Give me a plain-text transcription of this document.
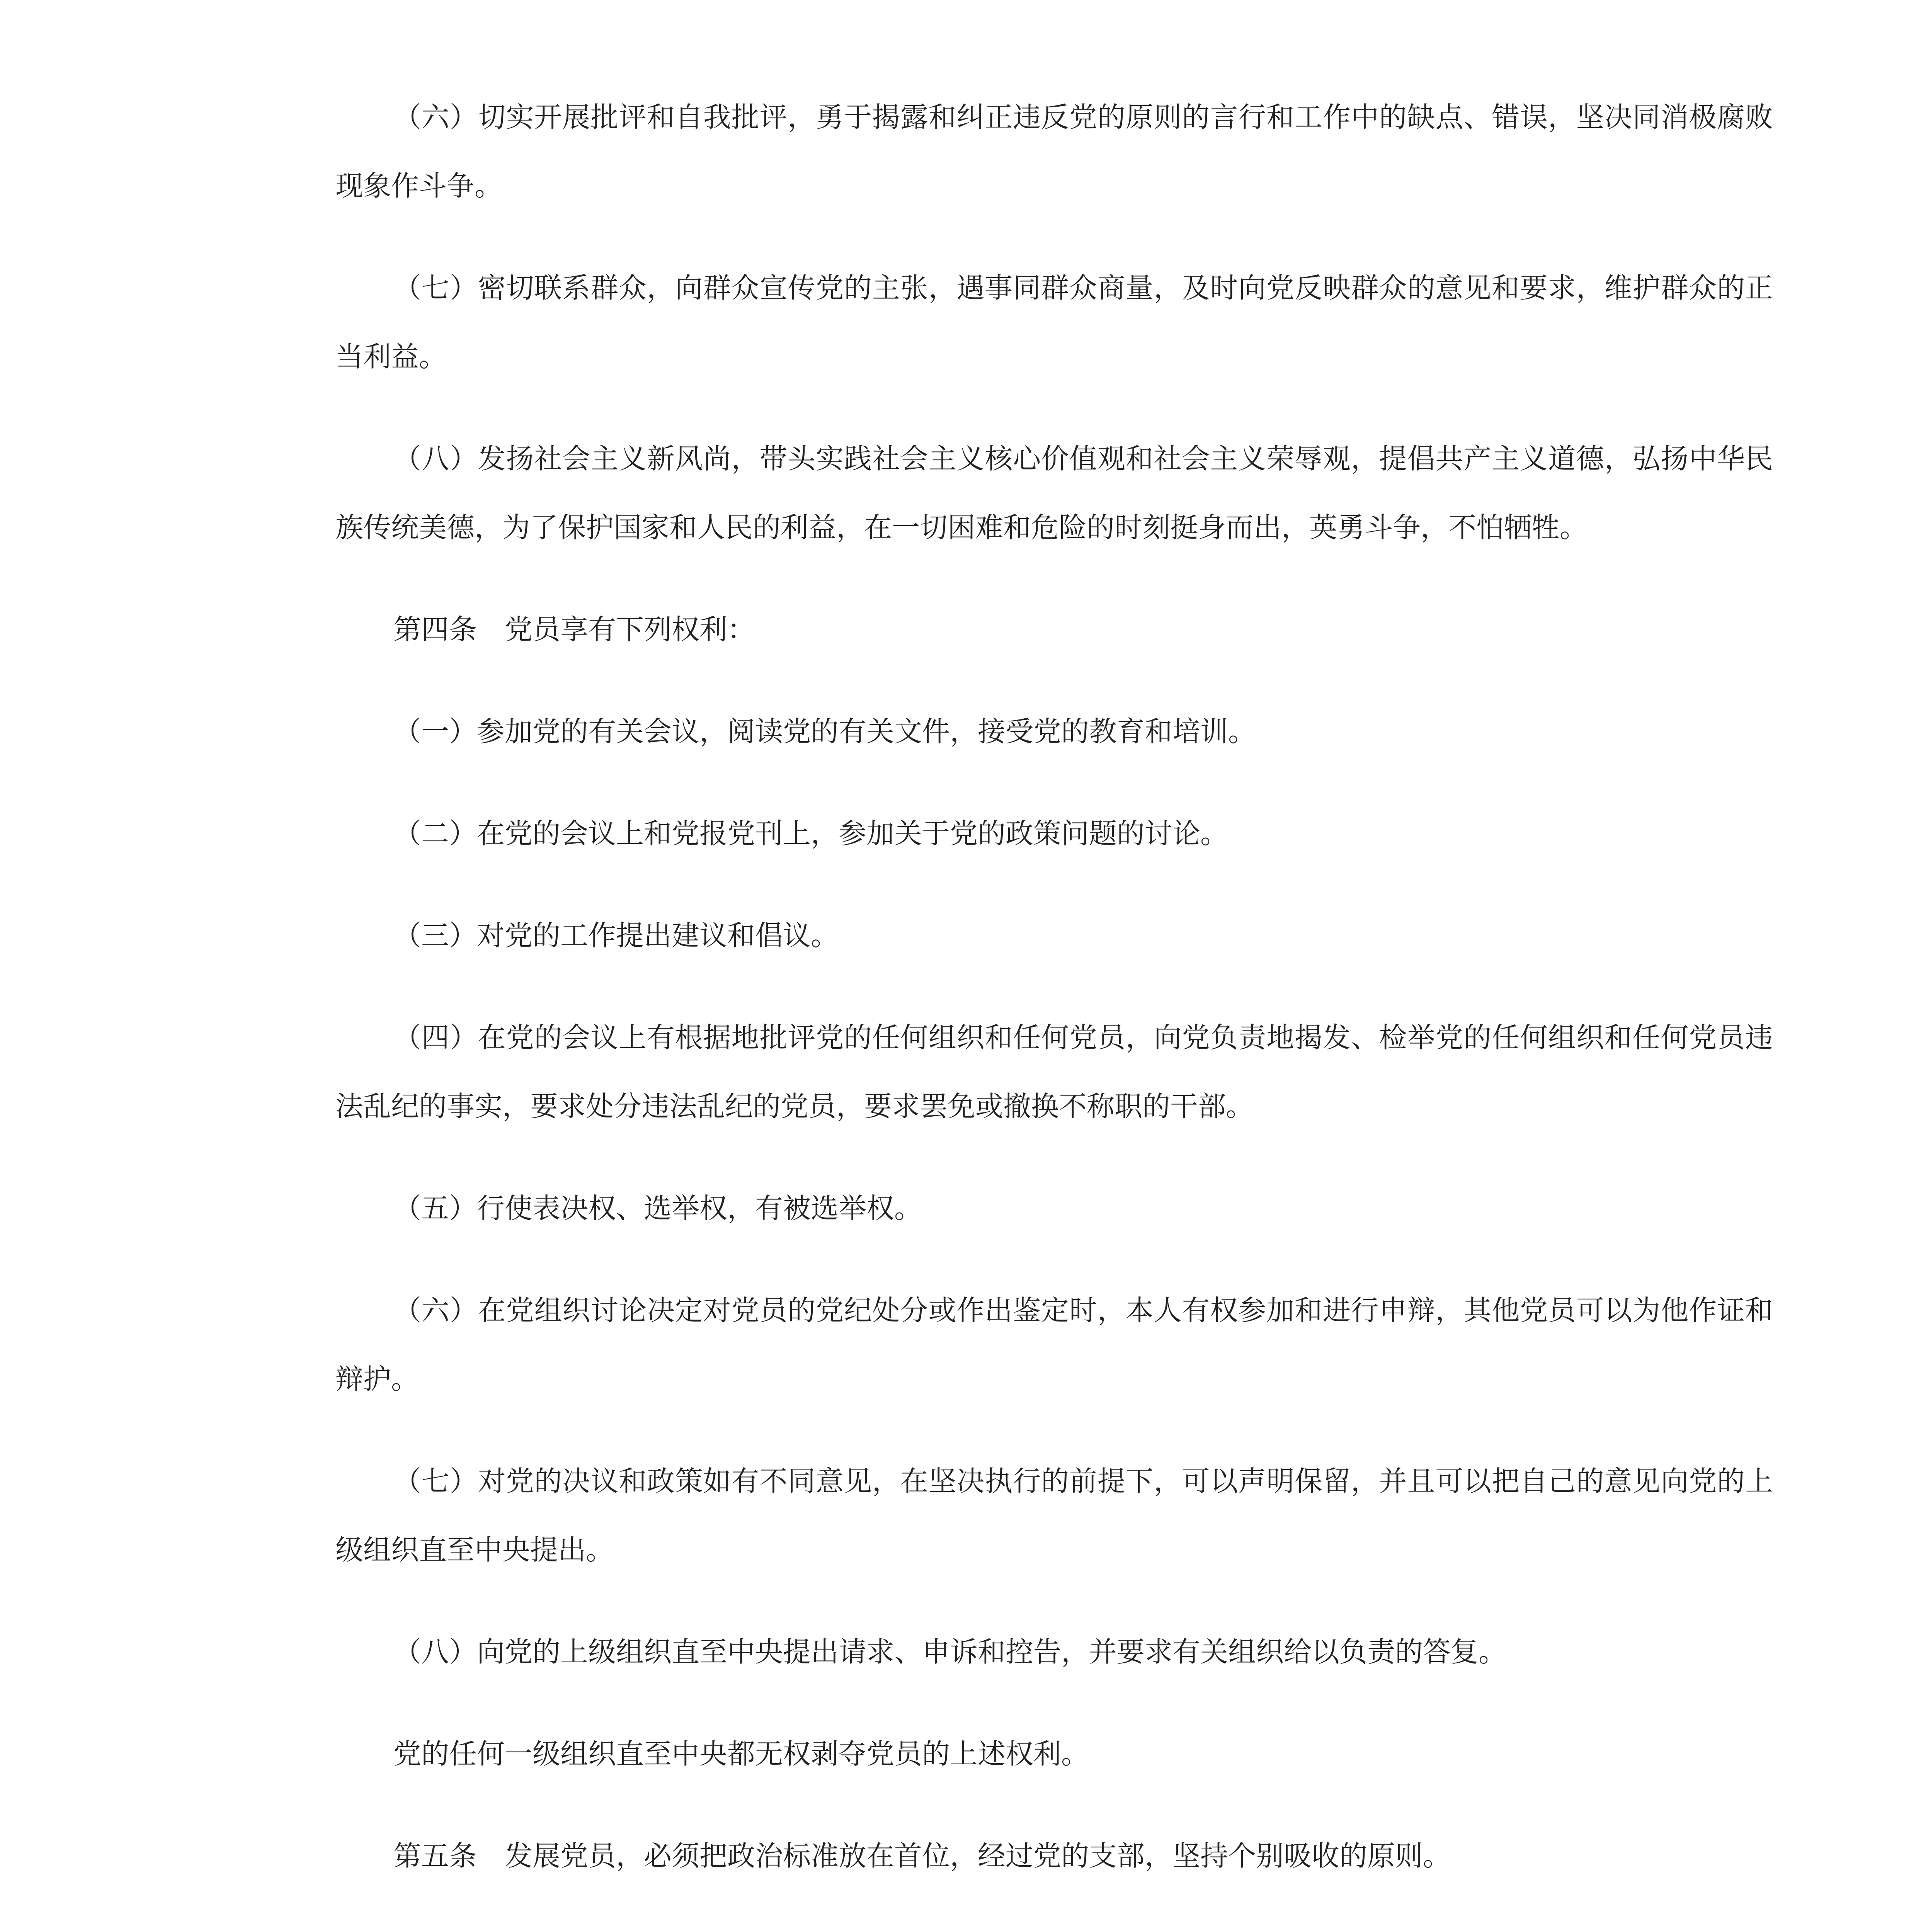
（六）切实开展批评和自我批评，勇于揭露和纠正违反党的原则的言行和工作中的缺点、错误，坚决同消极腐败现象作斗争。

（七）密切联系群众，向群众宣传党的主张，遇事同群众商量，及时向党反映群众的意见和要求，维护群众的正当利益。

（八）发扬社会主义新风尚，带头实践社会主义核心价值观和社会主义荣辱观，提倡共产主义道德，弘扬中华民族传统美德，为了保护国家和人民的利益，在一切困难和危险的时刻挺身而出，英勇斗争，不怕牺牲。

第四条　党员享有下列权利：

（一）参加党的有关会议，阅读党的有关文件，接受党的教育和培训。

（二）在党的会议上和党报党刊上，参加关于党的政策问题的讨论。

（三）对党的工作提出建议和倡议。

（四）在党的会议上有根据地批评党的任何组织和任何党员，向党负责地揭发、检举党的任何组织和任何党员违法乱纪的事实，要求处分违法乱纪的党员，要求罢免或撤换不称职的干部。

（五）行使表决权、选举权，有被选举权。

（六）在党组织讨论决定对党员的党纪处分或作出鉴定时，本人有权参加和进行申辩，其他党员可以为他作证和辩护。

（七）对党的决议和政策如有不同意见，在坚决执行的前提下，可以声明保留，并且可以把自己的意见向党的上级组织直至中央提出。

（八）向党的上级组织直至中央提出请求、申诉和控告，并要求有关组织给以负责的答复。

党的任何一级组织直至中央都无权剥夺党员的上述权利。

第五条　发展党员，必须把政治标准放在首位，经过党的支部，坚持个别吸收的原则。
